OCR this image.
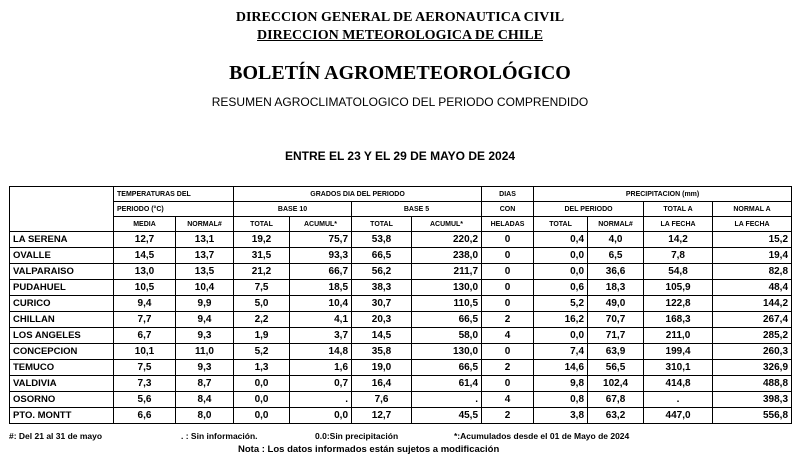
DIRECCION GENERAL DE AERONAUTICA CIVIL
DIRECCION METEOROLOGICA DE CHILE
BOLETÍN AGROMETEOROLÓGICO
RESUMEN AGROCLIMATOLOGICO DEL PERIODO COMPRENDIDO
ENTRE EL 23 Y EL 29 DE MAYO DE 2024
	TEMPERATURAS DEL		GRADOS DIA DEL PERIODO				DIAS	PRECIPITACION (mm)			
	PERIODO (°C)		BASE 10		BASE 5		CON	DEL PERIODO		TOTAL A	NORMAL A
	MEDIA	NORMAL#	TOTAL	ACUMUL*	TOTAL	ACUMUL*	HELADAS	TOTAL	NORMAL#	LA FECHA	LA FECHA
LA SERENA	12,7	13,1	19,2	75,7	53,8	220,2	0	0,4	4,0	14,2	15,2
OVALLE	14,5	13,7	31,5	93,3	66,5	238,0	0	0,0	6,5	7,8	19,4
VALPARAISO	13,0	13,5	21,2	66,7	56,2	211,7	0	0,0	36,6	54,8	82,8
PUDAHUEL	10,5	10,4	7,5	18,5	38,3	130,0	0	0,6	18,3	105,9	48,4
CURICO	9,4	9,9	5,0	10,4	30,7	110,5	0	5,2	49,0	122,8	144,2
CHILLAN	7,7	9,4	2,2	4,1	20,3	66,5	2	16,2	70,7	168,3	267,4
LOS ANGELES	6,7	9,3	1,9	3,7	14,5	58,0	4	0,0	71,7	211,0	285,2
CONCEPCION	10,1	11,0	5,2	14,8	35,8	130,0	0	7,4	63,9	199,4	260,3
TEMUCO	7,5	9,3	1,3	1,6	19,0	66,5	2	14,6	56,5	310,1	326,9
VALDIVIA	7,3	8,7	0,0	0,7	16,4	61,4	0	9,8	102,4	414,8	488,8
OSORNO	5,6	8,4	0,0	.	7,6	.	4	0,8	67,8	.	398,3
PTO. MONTT	6,6	8,0	0,0	0,0	12,7	45,5	2	3,8	63,2	447,0	556,8
#: Del 21 al 31 de mayo	. : Sin información.	0.0:Sin precipitación	*:Acumulados desde el 01 de Mayo de 2024
Nota : Los datos informados están sujetos a modificación
